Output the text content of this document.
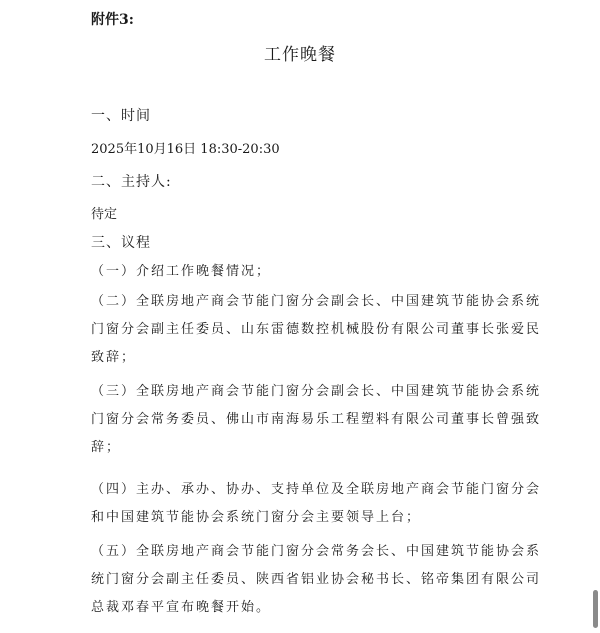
附件3:
工作晚餐
一、时间
2025年10月16日 18:30-20:30
二、主持人:
待定
三、议程
（一）介绍工作晚餐情况；
（二）全联房地产商会节能门窗分会副会长、中国建筑节能协会系统
门窗分会副主任委员、山东雷德数控机械股份有限公司董事长张爱民
致辞；
（三）全联房地产商会节能门窗分会副会长、中国建筑节能协会系统
门窗分会常务委员、佛山市南海易乐工程塑料有限公司董事长曾强致
辞；
（四）主办、承办、协办、支持单位及全联房地产商会节能门窗分会
和中国建筑节能协会系统门窗分会主要领导上台；
（五）全联房地产商会节能门窗分会常务会长、中国建筑节能协会系
统门窗分会副主任委员、陕西省铝业协会秘书长、铭帝集团有限公司
总裁邓春平宣布晚餐开始。
